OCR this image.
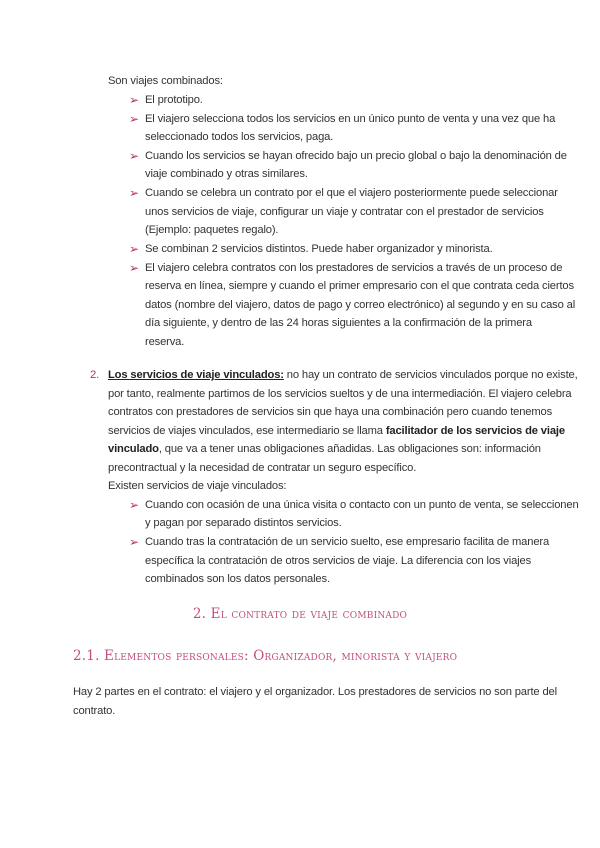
Son viajes combinados:
➢ El prototipo.
➢ El viajero selecciona todos los servicios en un único punto de venta y una vez que ha
seleccionado todos los servicios, paga.
➢ Cuando los servicios se hayan ofrecido bajo un precio global o bajo la denominación de
viaje combinado y otras similares.
➢ Cuando se celebra un contrato por el que el viajero posteriormente puede seleccionar
unos servicios de viaje, configurar un viaje y contratar con el prestador de servicios
(Ejemplo: paquetes regalo).
➢ Se combinan 2 servicios distintos. Puede haber organizador y minorista.
➢ El viajero celebra contratos con los prestadores de servicios a través de un proceso de
reserva en línea, siempre y cuando el primer empresario con el que contrata ceda ciertos
datos (nombre del viajero, datos de pago y correo electrónico) al segundo y en su caso al
día siguiente, y dentro de las 24 horas siguientes a la confirmación de la primera
reserva.
2. Los servicios de viaje vinculados: no hay un contrato de servicios vinculados porque no existe,
por tanto, realmente partimos de los servicios sueltos y de una intermediación. El viajero celebra
contratos con prestadores de servicios sin que haya una combinación pero cuando tenemos
servicios de viajes vinculados, ese intermediario se llama facilitador de los servicios de viaje
vinculado, que va a tener unas obligaciones añadidas. Las obligaciones son: información
precontractual y la necesidad de contratar un seguro específico.
Existen servicios de viaje vinculados:
➢ Cuando con ocasión de una única visita o contacto con un punto de venta, se seleccionen
y pagan por separado distintos servicios.
➢ Cuando tras la contratación de un servicio suelto, ese empresario facilita de manera
específica la contratación de otros servicios de viaje. La diferencia con los viajes
combinados son los datos personales.
2. El contrato de viaje combinado
2.1. Elementos personales: Organizador, minorista y viajero
Hay 2 partes en el contrato: el viajero y el organizador. Los prestadores de servicios no son parte del
contrato.
